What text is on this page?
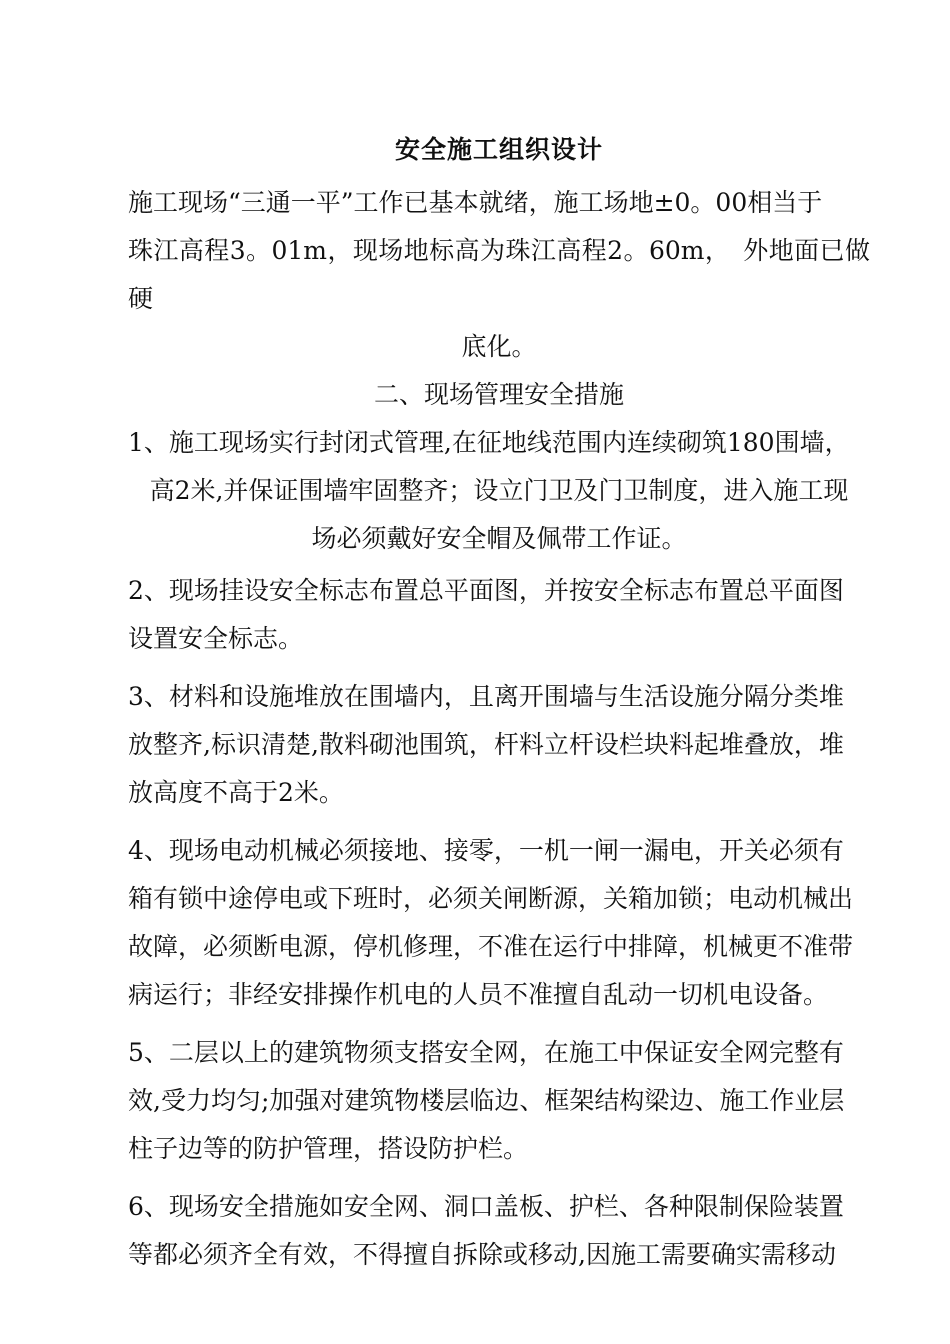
安全施工组织设计
施工现场“三通一平”工作已基本就绪，施工场地±0。00相当于
珠江高程3。01m，现场地标高为珠江高程2。60m，　外地面已做硬
底化。
二、现场管理安全措施
1、施工现场实行封闭式管理,在征地线范围内连续砌筑180围墙，
高2米,并保证围墙牢固整齐；设立门卫及门卫制度，进入施工现
场必须戴好安全帽及佩带工作证。
2、现场挂设安全标志布置总平面图，并按安全标志布置总平面图
设置安全标志。
3、材料和设施堆放在围墙内，且离开围墙与生活设施分隔分类堆
放整齐,标识清楚,散料砌池围筑，杆料立杆设栏块料起堆叠放，堆
放高度不高于2米。
4、现场电动机械必须接地、接零，一机一闸一漏电，开关必须有
箱有锁中途停电或下班时，必须关闸断源，关箱加锁；电动机械出
故障，必须断电源，停机修理，不准在运行中排障，机械更不准带
病运行；非经安排操作机电的人员不准擅自乱动一切机电设备。
5、二层以上的建筑物须支搭安全网，在施工中保证安全网完整有
效,受力均匀;加强对建筑物楼层临边、框架结构梁边、施工作业层
柱子边等的防护管理，搭设防护栏。
6、现场安全措施如安全网、洞口盖板、护栏、各种限制保险装置
等都必须齐全有效，不得擅自拆除或移动,因施工需要确实需移动
